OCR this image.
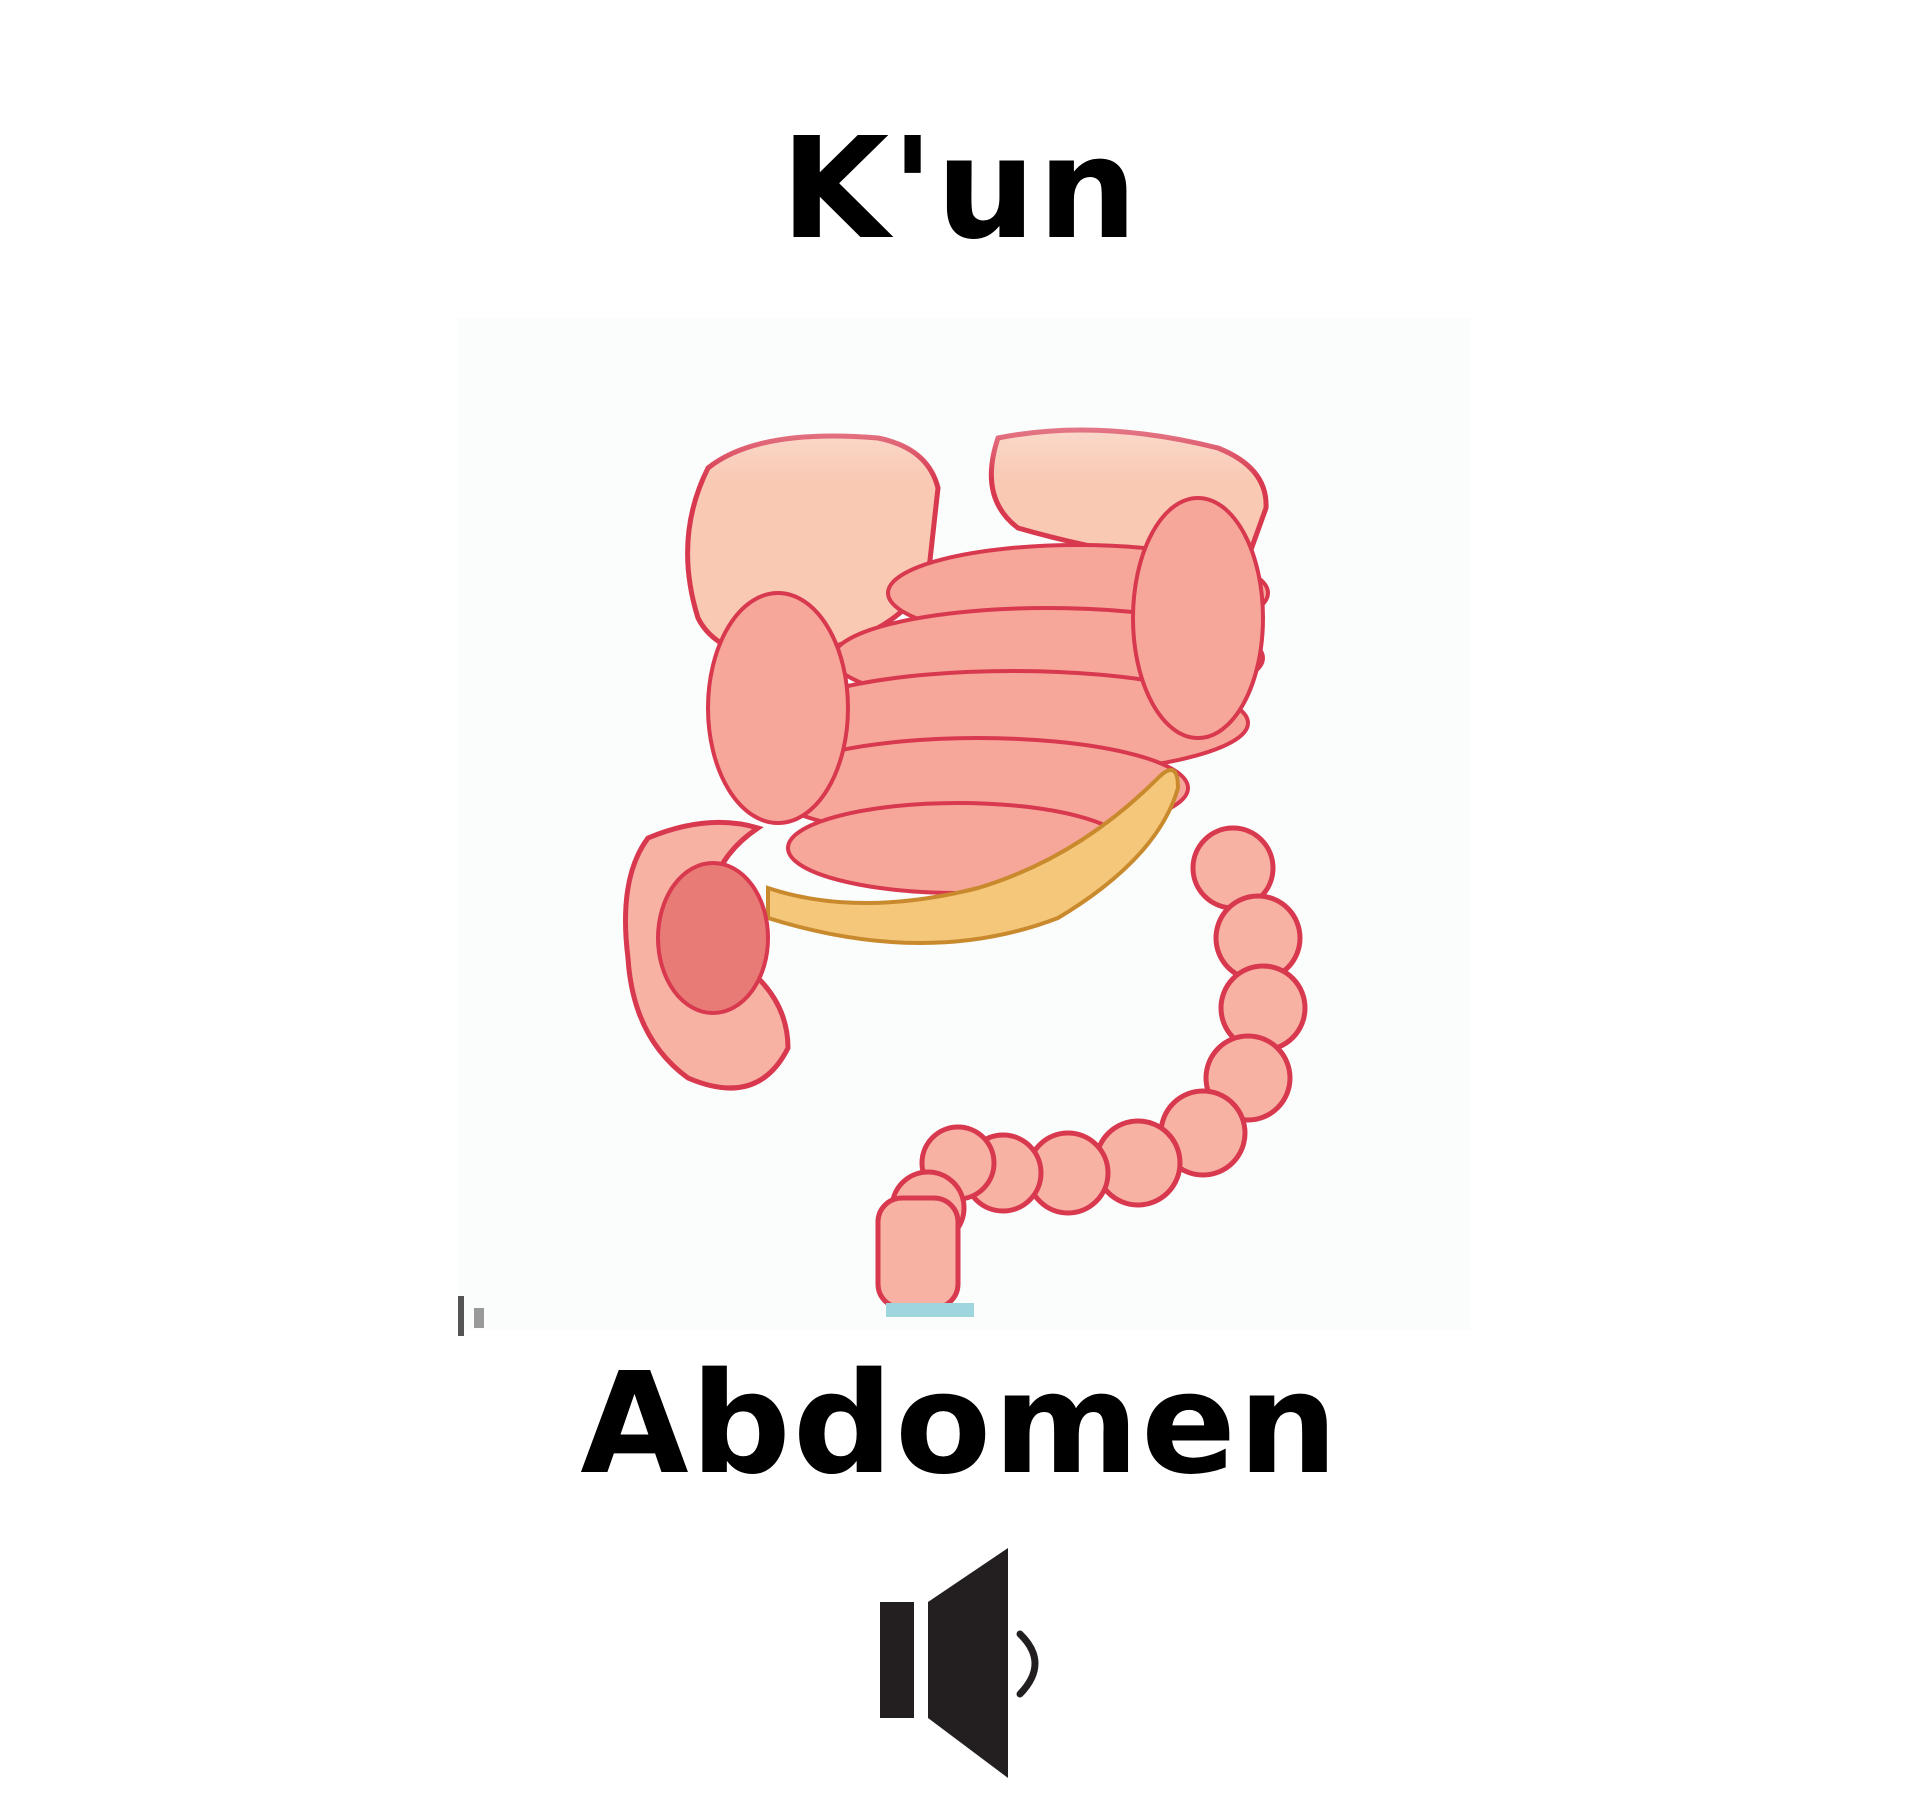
K'un
Abdomen
